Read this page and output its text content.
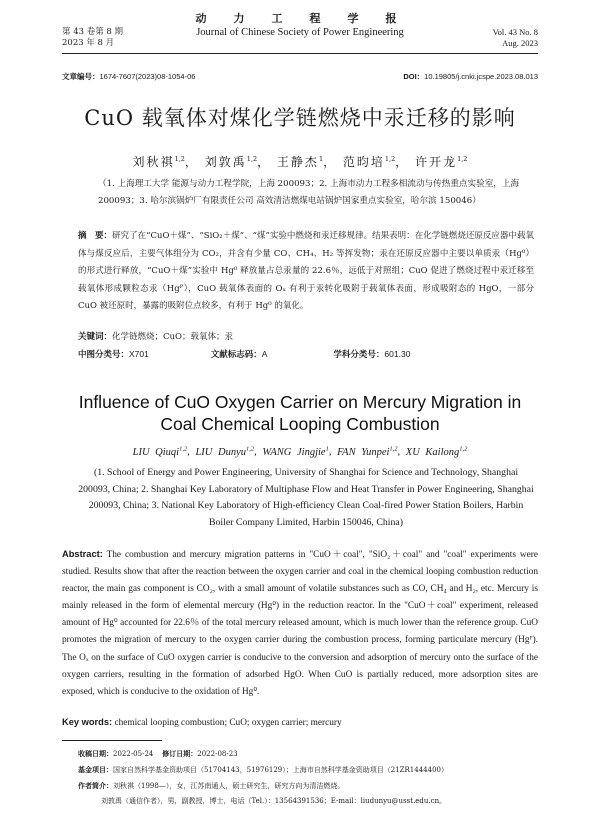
第 43 卷第 8 期
2023 年 8 月
动　力　工　程　学　报
Journal of Chinese Society of Power Engineering	Vol. 43 No. 8
Aug. 2023
文章编号：1674-7607(2023)08-1054-06	DOI：10.19805/j.cnki.jcspe.2023.08.013
CuO 载氧体对煤化学链燃烧中汞迁移的影响
刘秋祺$^{1,2}$， 刘敦禹$^{1,2}$， 王静杰$^1$， 范昀培$^{1,2}$， 许开龙$^{1,2}$
（1. 上海理工大学 能源与动力工程学院，上海 200093；2. 上海市动力工程多相流动与传热重点实验室，上海 200093；3. 哈尔滨锅炉厂有限责任公司 高效清洁燃煤电站锅炉国家重点实验室，哈尔滨 150046）
摘　要：研究了在“CuO＋煤”、“SiO₂＋煤”、“煤”实验中燃烧和汞迁移规律。结果表明：在化学链燃烧还原反应器中载氧体与煤反应后，主要气体组分为 CO₂，并含有少量 CO、CH₄、H₂ 等挥发物；汞在还原反应器中主要以单质汞（Hg⁰）的形式进行释放，“CuO＋煤”实验中 Hg⁰ 释放量占总汞量的 22.6％，远低于对照组；CuO 促进了燃烧过程中汞迁移至载氧体形成颗粒态汞（Hgᴾ），CuO 载氧体表面的 Oₓ 有利于汞转化吸附于载氧体表面，形成吸附态的 HgO，一部分 CuO 被还原时，暴露的吸附位点较多，有利于 Hg⁰ 的氧化。
关键词：化学链燃烧；CuO；载氧体；汞
中图分类号：X701	文献标志码：A	学科分类号：601.30
Influence of CuO Oxygen Carrier on Mercury Migration in
Coal Chemical Looping Combustion
LIU Qiuqi$^{1,2}$, LIU Dunyu$^{1,2}$, WANG Jingjie$^1$, FAN Yunpei$^{1,2}$, XU Kailong$^{1,2}$
(1. School of Energy and Power Engineering, University of Shanghai for Science and Technology, Shanghai 200093, China; 2. Shanghai Key Laboratory of Multiphase Flow and Heat Transfer in Power Engineering, Shanghai 200093, China; 3. National Key Laboratory of High-efficiency Clean Coal-fired Power Station Boilers, Harbin Boiler Company Limited, Harbin 150046, China)
Abstract: The combustion and mercury migration patterns in "CuO＋coal", "SiO₂＋coal" and "coal" experiments were studied. Results show that after the reaction between the oxygen carrier and coal in the chemical looping combustion reduction reactor, the main gas component is CO₂, with a small amount of volatile substances such as CO, CH₄ and H₂, etc. Mercury is mainly released in the form of elemental mercury (Hg⁰) in the reduction reactor. In the "CuO＋coal" experiment, released amount of Hg⁰ accounted for 22.6％ of the total mercury released amount, which is much lower than the reference group. CuO promotes the migration of mercury to the oxygen carrier during the combustion process, forming particulate mercury (Hgᴾ). The Oₓ on the surface of CuO oxygen carrier is conducive to the conversion and adsorption of mercury onto the surface of the oxygen carriers, resulting in the formation of adsorbed HgO. When CuO is partially reduced, more adsorption sites are exposed, which is conducive to the oxidation of Hg⁰.
Key words: chemical looping combustion; CuO; oxygen carrier; mercury
收稿日期：2022-05-24 修订日期：2022-08-23
基金项目：国家自然科学基金资助项目（51704143，51976129）；上海市自然科学基金资助项目（21ZR1444400）
作者简介：刘秋祺（1998—），女，江苏南通人，硕士研究生，研究方向为清洁燃烧。
刘敦禹（通信作者），男，副教授，博士，电话（Tel.）：13564391536；E-mail：liudunyu@usst.edu.cn。
